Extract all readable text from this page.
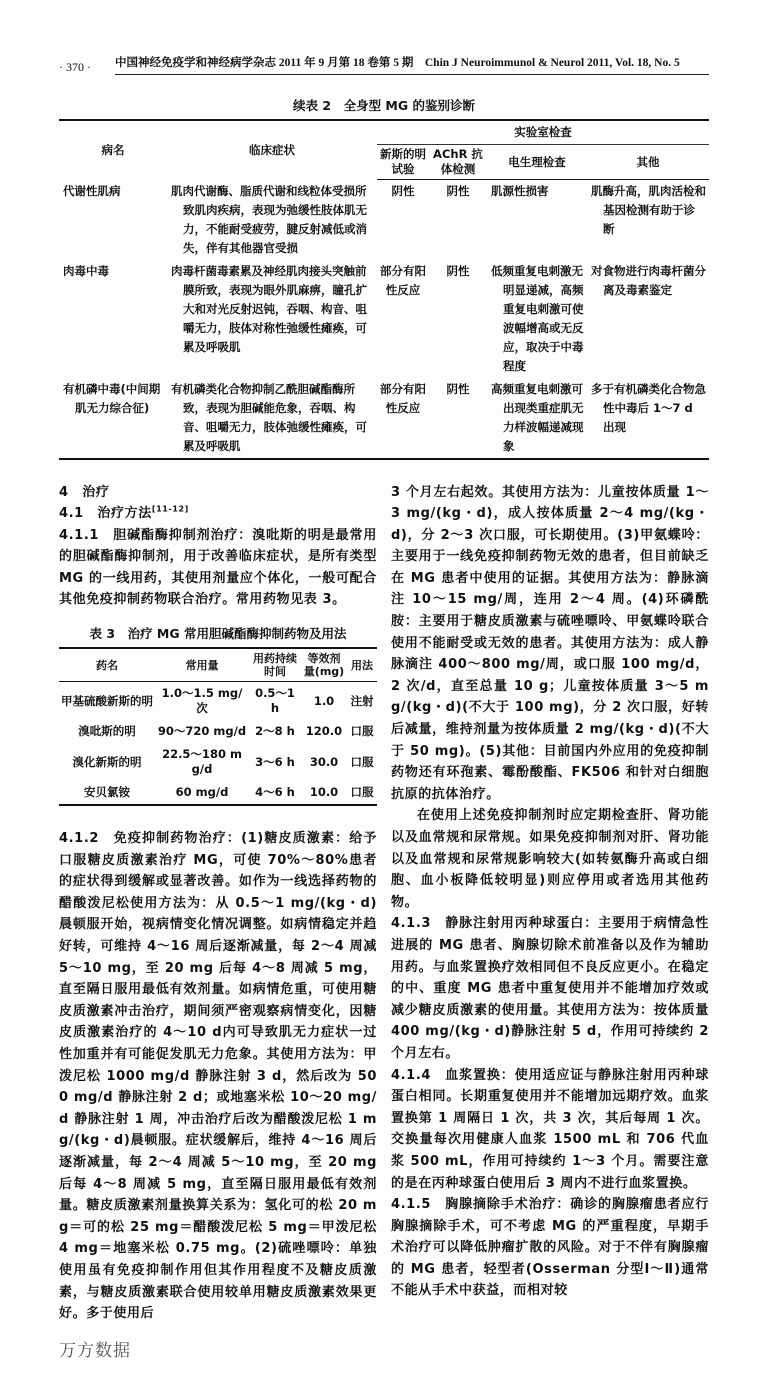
· 370 · 中国神经免疫学和神经病学杂志 2011 年 9 月第 18 卷第 5 期　Chin J Neuroimmunol & Neurol 2011, Vol. 18, No. 5
续表 2　全身型 MG 的鉴别诊断
病名	临床症状	实验室检查			
		新斯的明试验	AChR 抗体检测	电生理检查	其他
代谢性肌病	肌肉代谢酶、脂质代谢和线粒体受损所致肌肉疾病，表现为弛缓性肢体肌无力，不能耐受疲劳，腱反射减低或消失，伴有其他器官受损	阴性	阴性	肌源性损害	肌酶升高，肌肉活检和基因检测有助于诊断
肉毒中毒	肉毒杆菌毒素累及神经肌肉接头突触前膜所致，表现为眼外肌麻痹，瞳孔扩大和对光反射迟钝，吞咽、构音、咀嚼无力，肢体对称性弛缓性瘫痪，可累及呼吸肌	部分有阳性反应	阴性	低频重复电刺激无明显递减，高频重复电刺激可使波幅增高或无反应，取决于中毒程度	对食物进行肉毒杆菌分离及毒素鉴定
有机磷中毒(中间期肌无力综合征)	有机磷类化合物抑制乙酰胆碱酯酶所致，表现为胆碱能危象，吞咽、构音、咀嚼无力，肢体弛缓性瘫痪，可累及呼吸肌	部分有阳性反应	阴性	高频重复电刺激可出现类重症肌无力样波幅递减现象	多于有机磷类化合物急性中毒后 1～7 d 出现

4　治疗

4.1　治疗方法[11-12]

4.1.1　胆碱酯酶抑制剂治疗：溴吡斯的明是最常用的胆碱酯酶抑制剂，用于改善临床症状，是所有类型 MG 的一线用药，其使用剂量应个体化，一般可配合其他免疫抑制药物联合治疗。常用药物见表 3。

表 3　治疗 MG 常用胆碱酯酶抑制药物及用法
药名	常用量	用药持续时间	等效剂量(mg)	用法
甲基硫酸新斯的明	1.0～1.5 mg/次	0.5～1 h	1.0	注射
溴吡斯的明	90～720 mg/d	2～8 h	120.0	口服
溴化新斯的明	22.5～180 mg/d	3～6 h	30.0	口服
安贝氯铵	60 mg/d	4～6 h	10.0	口服

4.1.2　免疫抑制药物治疗：(1)糖皮质激素：给予口服糖皮质激素治疗 MG，可使 70%～80%患者的症状得到缓解或显著改善。如作为一线选择药物的醋酸泼尼松使用方法为：从 0.5～1 mg/(kg・d)晨顿服开始，视病情变化情况调整。如病情稳定并趋好转，可维持 4～16 周后逐渐减量，每 2～4 周减 5～10 mg，至 20 mg 后每 4～8 周减 5 mg，直至隔日服用最低有效剂量。如病情危重，可使用糖皮质激素冲击治疗，期间须严密观察病情变化，因糖皮质激素治疗的 4～10 d内可导致肌无力症状一过性加重并有可能促发肌无力危象。其使用方法为：甲泼尼松 1000 mg/d 静脉注射 3 d，然后改为 500 mg/d 静脉注射 2 d；或地塞米松 10～20 mg/d 静脉注射 1 周，冲击治疗后改为醋酸泼尼松 1 mg/(kg・d)晨顿服。症状缓解后，维持 4～16 周后逐渐减量，每 2～4 周减 5～10 mg，至 20 mg 后每 4～8 周减 5 mg，直至隔日服用最低有效剂量。糖皮质激素剂量换算关系为：氢化可的松 20 mg＝可的松 25 mg＝醋酸泼尼松 5 mg＝甲泼尼松 4 mg＝地塞米松 0.75 mg。(2)硫唑嘌呤：单独使用虽有免疫抑制作用但其作用程度不及糖皮质激素，与糖皮质激素联合使用较单用糖皮质激素效果更好。多于使用后

3 个月左右起效。其使用方法为：儿童按体质量 1～3 mg/(kg・d)，成人按体质量 2～4 mg/(kg・d)，分 2～3 次口服，可长期使用。(3)甲氨蝶呤：主要用于一线免疫抑制药物无效的患者，但目前缺乏在 MG 患者中使用的证据。其使用方法为：静脉滴注 10～15 mg/周，连用 2～4 周。(4)环磷酰胺：主要用于糖皮质激素与硫唑嘌呤、甲氨蝶呤联合使用不能耐受或无效的患者。其使用方法为：成人静脉滴注 400～800 mg/周，或口服 100 mg/d，2 次/d，直至总量 10 g；儿童按体质量 3～5 mg/(kg・d)(不大于 100 mg)，分 2 次口服，好转后减量，维持剂量为按体质量 2 mg/(kg・d)(不大于 50 mg)。(5)其他：目前国内外应用的免疫抑制药物还有环孢素、霉酚酸酯、FK506 和针对白细胞抗原的抗体治疗。

在使用上述免疫抑制剂时应定期检查肝、肾功能以及血常规和尿常规。如果免疫抑制剂对肝、肾功能以及血常规和尿常规影响较大(如转氨酶升高或白细胞、血小板降低较明显)则应停用或者选用其他药物。

4.1.3　静脉注射用丙种球蛋白：主要用于病情急性进展的 MG 患者、胸腺切除术前准备以及作为辅助用药。与血浆置换疗效相同但不良反应更小。在稳定的中、重度 MG 患者中重复使用并不能增加疗效或减少糖皮质激素的使用量。其使用方法为：按体质量 400 mg/(kg・d)静脉注射 5 d，作用可持续约 2 个月左右。

4.1.4　血浆置换：使用适应证与静脉注射用丙种球蛋白相同。长期重复使用并不能增加远期疗效。血浆置换第 1 周隔日 1 次，共 3 次，其后每周 1 次。交换量每次用健康人血浆 1500 mL 和 706 代血浆 500 mL，作用可持续约 1～3 个月。需要注意的是在丙种球蛋白使用后 3 周内不进行血浆置换。

4.1.5　胸腺摘除手术治疗：确诊的胸腺瘤患者应行胸腺摘除手术，可不考虑 MG 的严重程度，早期手术治疗可以降低肿瘤扩散的风险。对于不伴有胸腺瘤的 MG 患者，轻型者(Osserman 分型Ⅰ～Ⅱ)通常不能从手术中获益，而相对较

万方数据
